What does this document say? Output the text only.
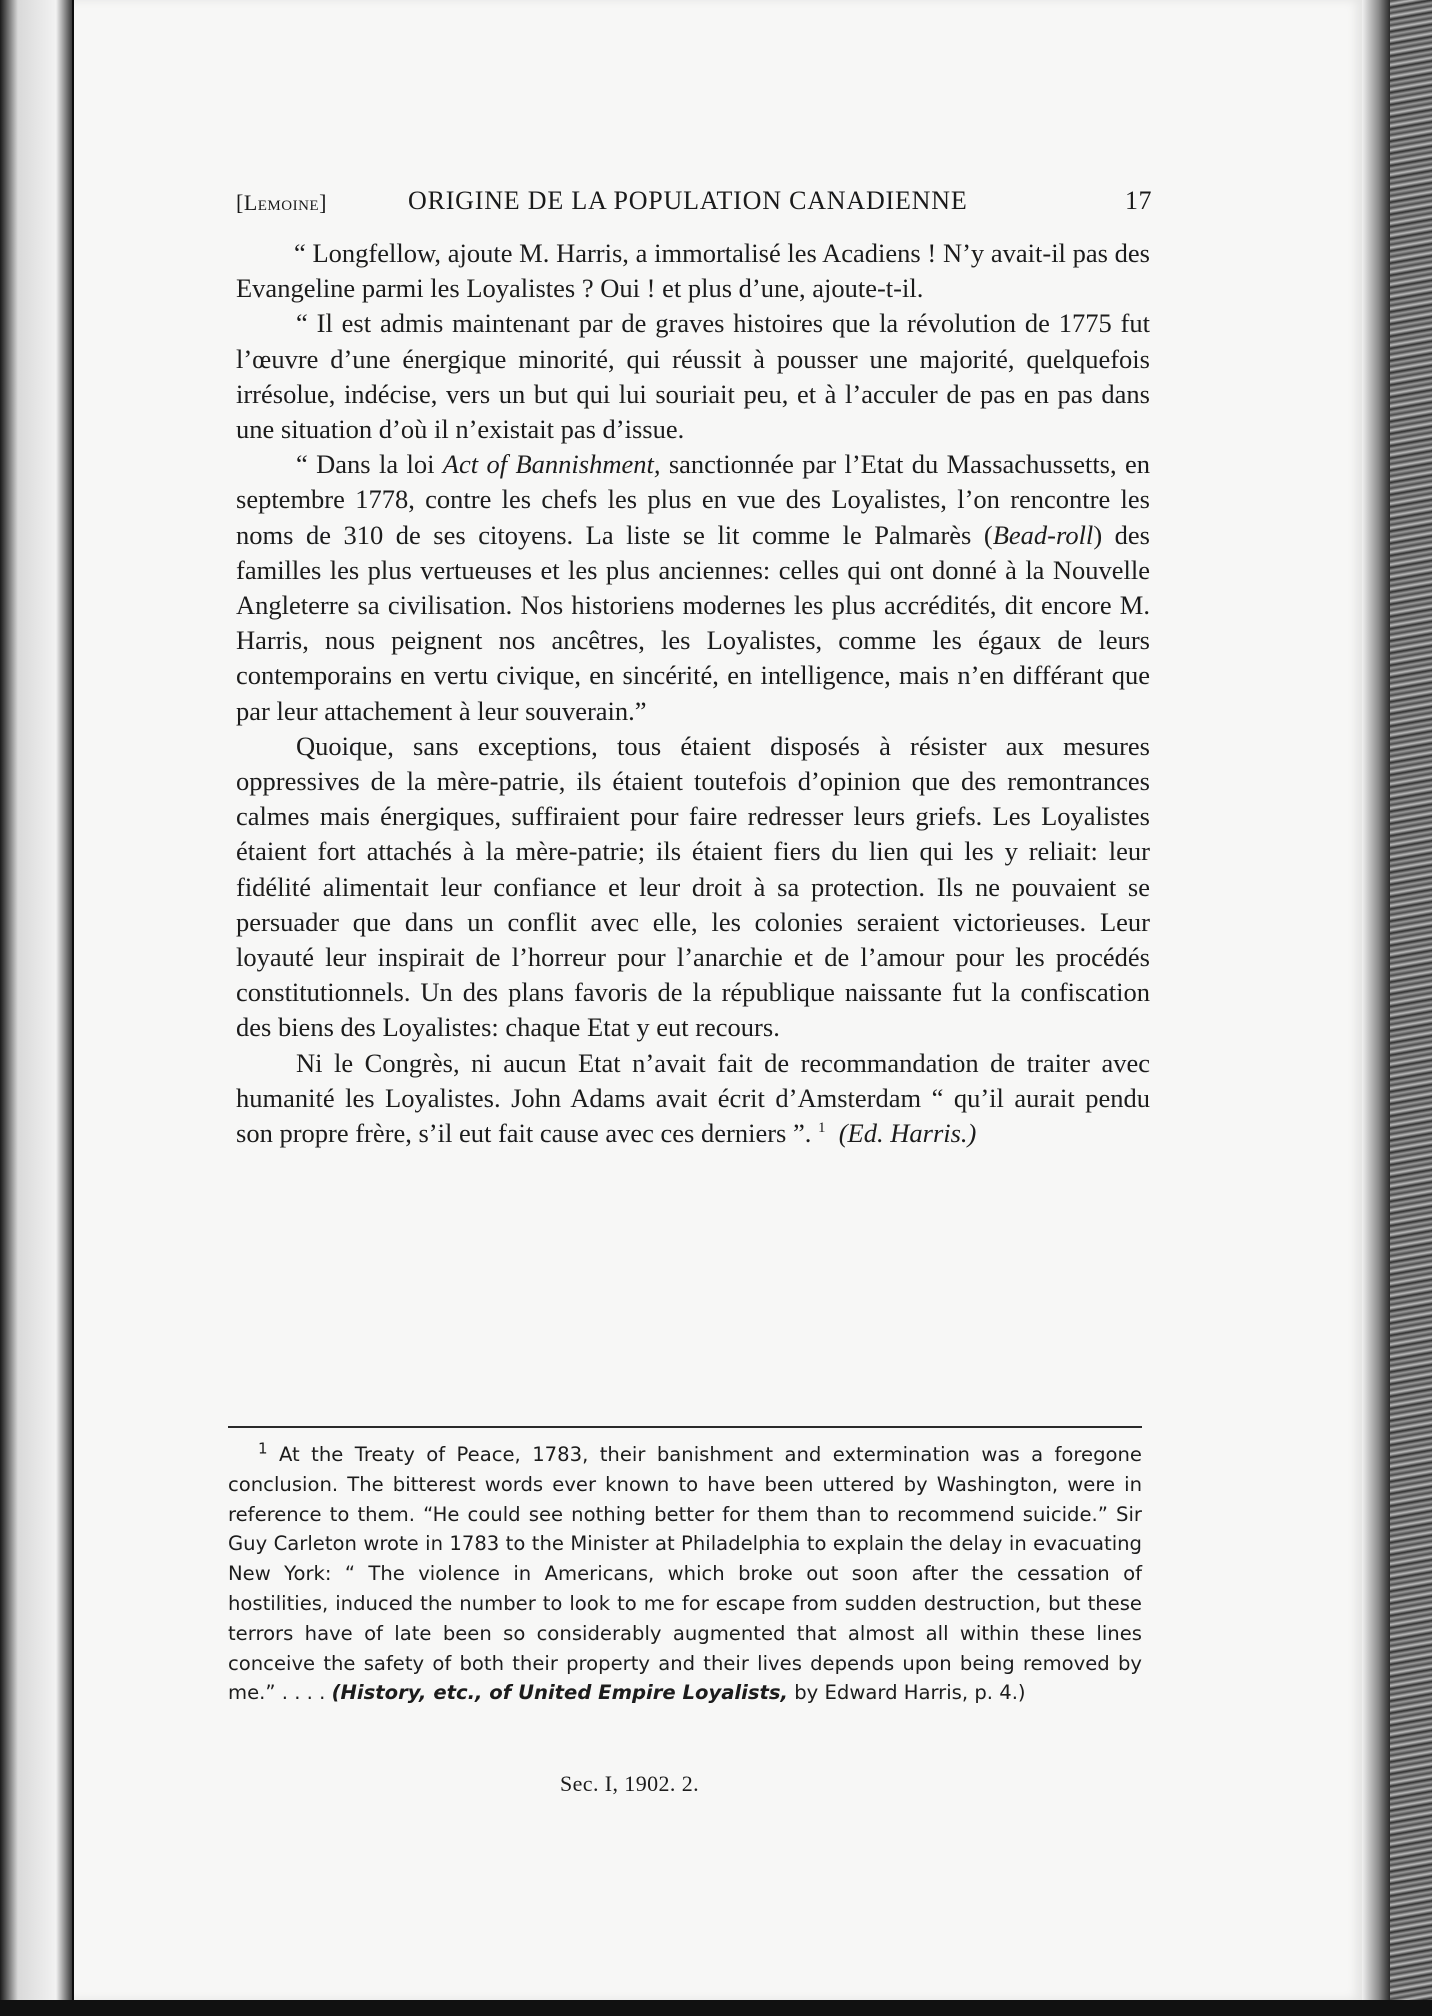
[Lemoine]	ORIGINE DE LA POPULATION CANADIENNE	17

“ Longfellow, ajoute M. Harris, a immortalisé les Acadiens ! N’y avait-il pas des Evangeline parmi les Loyalistes ? Oui ! et plus d’une, ajoute-t-il.

“ Il est admis maintenant par de graves histoires que la révolution de 1775 fut l’œuvre d’une énergique minorité, qui réussit à pousser une majorité, quelquefois irrésolue, indécise, vers un but qui lui souriait peu, et à l’acculer de pas en pas dans une situation d’où il n’existait pas d’issue.

“ Dans la loi Act of Bannishment, sanctionnée par l’Etat du Massachussetts, en septembre 1778, contre les chefs les plus en vue des Loyalistes, l’on rencontre les noms de 310 de ses citoyens. La liste se lit comme le Palmarès (Bead-roll) des familles les plus vertueuses et les plus anciennes: celles qui ont donné à la Nouvelle Angleterre sa civilisation. Nos historiens modernes les plus accrédités, dit encore M. Harris, nous peignent nos ancêtres, les Loyalistes, comme les égaux de leurs contemporains en vertu civique, en sincérité, en intelligence, mais n’en différant que par leur attachement à leur souverain.”

Quoique, sans exceptions, tous étaient disposés à résister aux mesures oppressives de la mère-patrie, ils étaient toutefois d’opinion que des remontrances calmes mais énergiques, suffiraient pour faire redresser leurs griefs. Les Loyalistes étaient fort attachés à la mère-patrie; ils étaient fiers du lien qui les y reliait: leur fidélité alimentait leur confiance et leur droit à sa protection. Ils ne pouvaient se persuader que dans un conflit avec elle, les colonies seraient victorieuses. Leur loyauté leur inspirait de l’horreur pour l’anarchie et de l’amour pour les procédés constitutionnels. Un des plans favoris de la république naissante fut la confiscation des biens des Loyalistes: chaque Etat y eut recours.

Ni le Congrès, ni aucun Etat n’avait fait de recommandation de traiter avec humanité les Loyalistes. John Adams avait écrit d’Amsterdam “ qu’il aurait pendu son propre frère, s’il eut fait cause avec ces derniers ”. $^1$ (Ed. Harris.)

$^1$ At the Treaty of Peace, 1783, their banishment and extermination was a foregone conclusion. The bitterest words ever known to have been uttered by Washington, were in reference to them. “He could see nothing better for them than to recommend suicide.” Sir Guy Carleton wrote in 1783 to the Minister at Philadelphia to explain the delay in evacuating New York: “ The violence in Americans, which broke out soon after the cessation of hostilities, induced the number to look to me for escape from sudden destruction, but these terrors have of late been so considerably augmented that almost all within these lines conceive the safety of both their property and their lives depends upon being removed by me.” . . . . (History, etc., of United Empire Loyalists, by Edward Harris, p. 4.)

Sec. I, 1902. 2.
